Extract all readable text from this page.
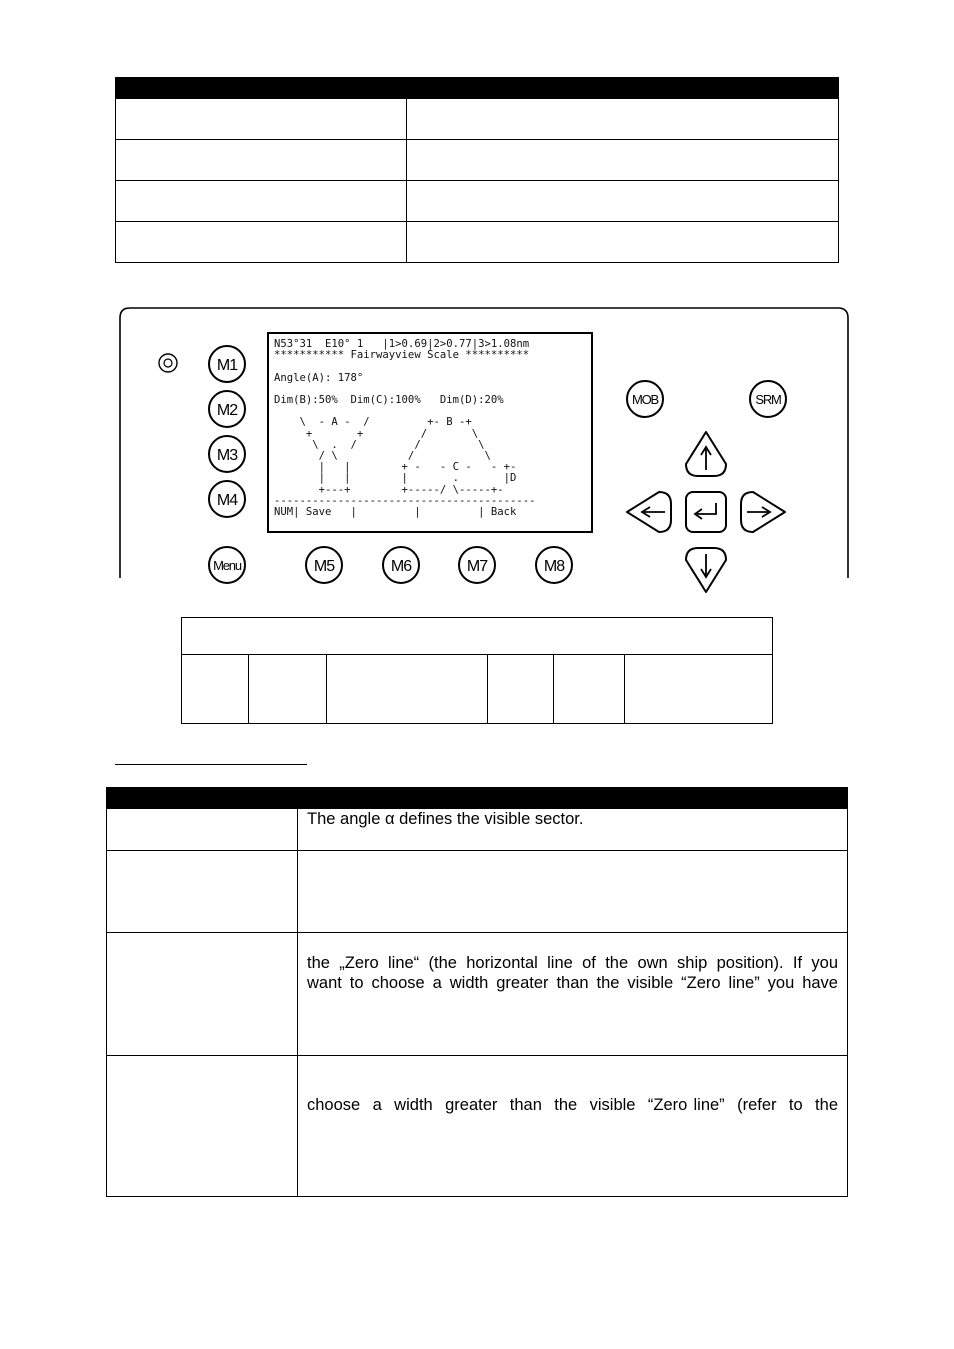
M1
M2
M3
M4
Menu	M5	M6	M7	M8
MOB	SRM
N53°31  E10° 1   |1>0.69|2>0.77|3>1.08nm
*********** Fairwayview Scale **********

Angle(A): 178°

Dim(B):50%  Dim(C):100%   Dim(D):20%

\  - A -  /         +- B -+
+       +         /       \
\  .  /         /         \
/ \           /           \
|   |        + -   - C -   - +-
|   |        |       .       |D
+---+        +-----/ \-----+-
-----------------------------------------
NUM| Save   |         |         | Back

	The angle α defines the visible sector.

	the „Zero line“ (the horizontal line of the own ship position). If you
want to choose a width greater than the visible “Zero line” you have

	choose  a  width  greater  than  the  visible  “Zero line”  (refer  to  the
